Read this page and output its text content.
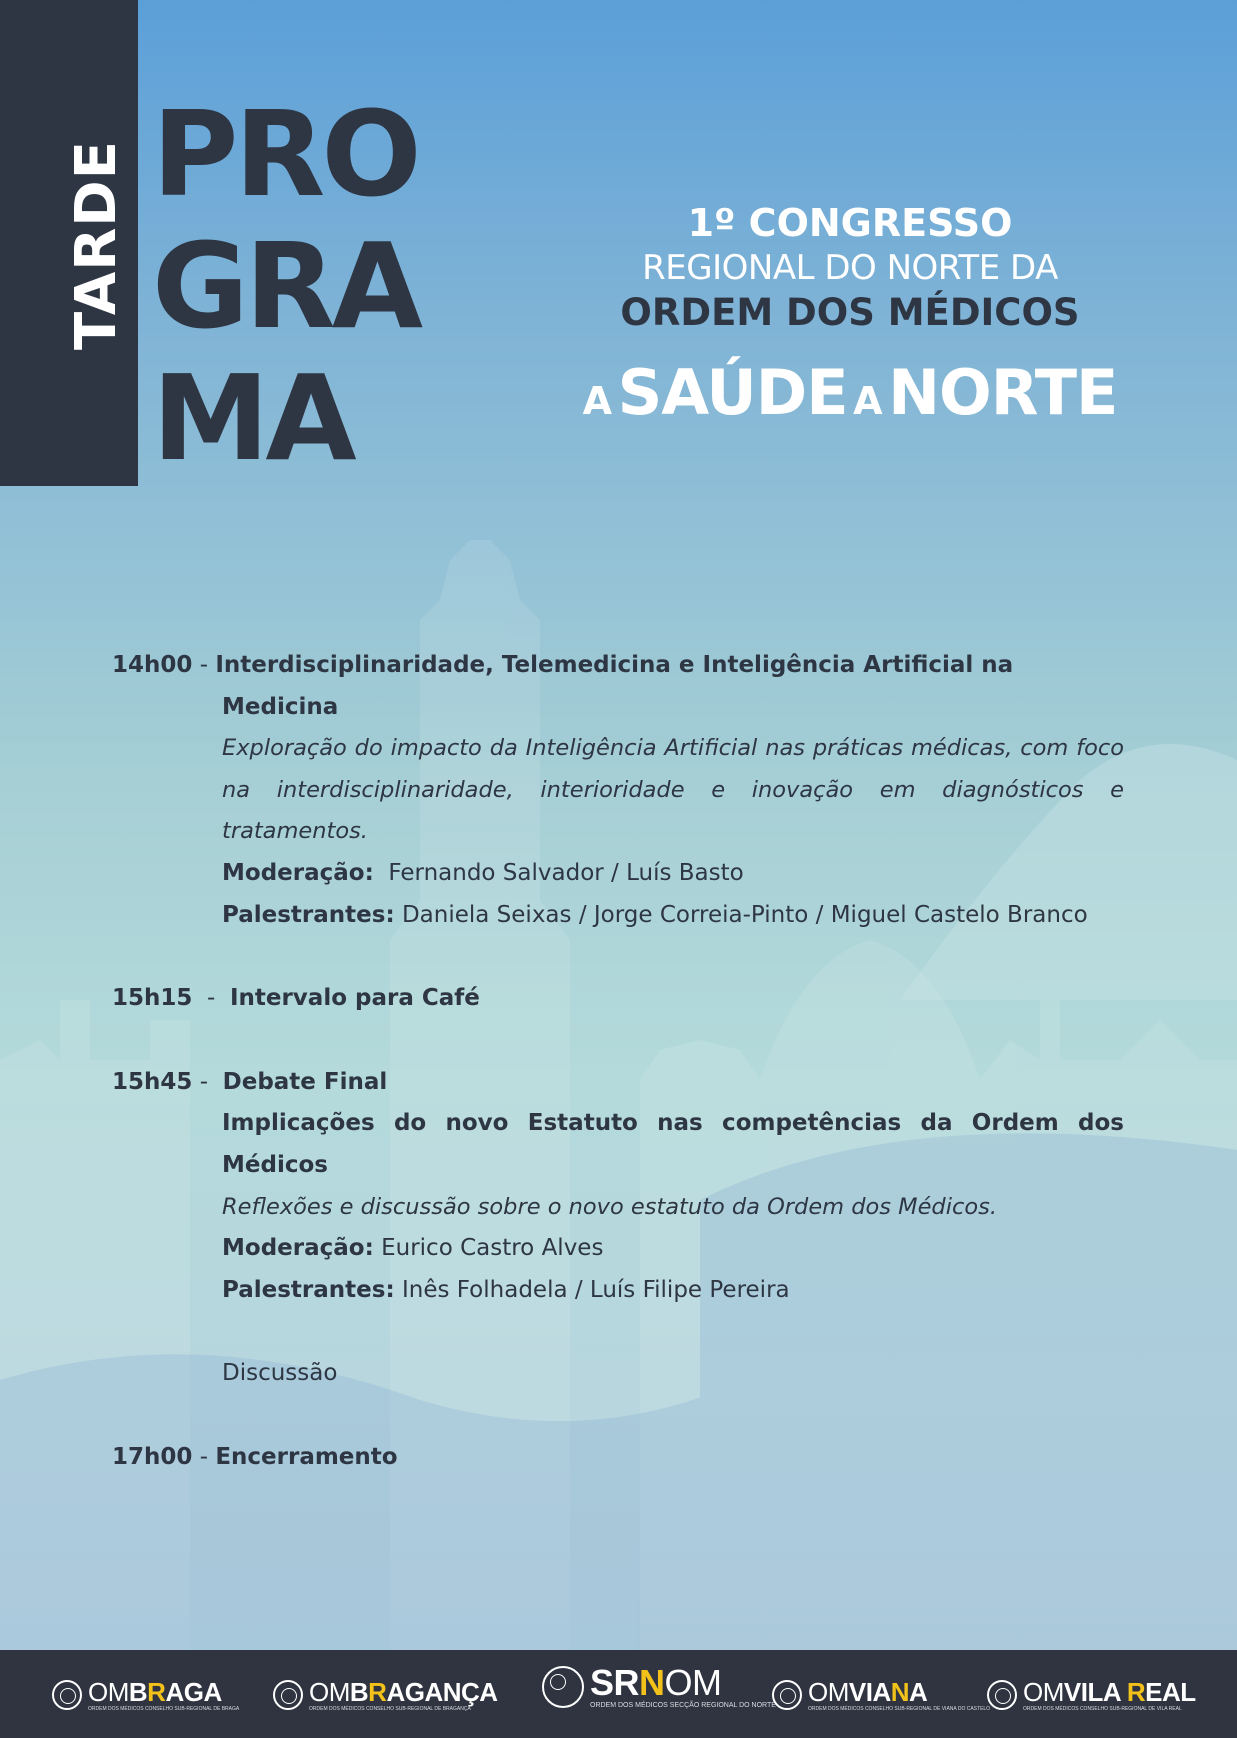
TARDE PRO
GRA
MA
1º CONGRESSO
REGIONAL DO NORTE DA
ORDEM DOS MÉDICOS
A SAÚDE A NORTE
14h00 - Interdisciplinaridade, Telemedicina e Inteligência Artificial na
Medicina
Exploração do impacto da Inteligência Artificial nas práticas médicas, com foco na interdisciplinaridade, interioridade e inovação em diagnósticos e tratamentos.
Moderação:  Fernando Salvador / Luís Basto
Palestrantes: Daniela Seixas / Jorge Correia-Pinto / Miguel Castelo Branco
15h15  -  Intervalo para Café
15h45 -  Debate Final
Implicações do novo Estatuto nas competências da Ordem dos Médicos
Reflexões e discussão sobre o novo estatuto da Ordem dos Médicos.
Moderação: Eurico Castro Alves
Palestrantes: Inês Folhadela / Luís Filipe Pereira
Discussão
17h00 - Encerramento
OMBRAGA
ORDEM DOS MÉDICOS CONSELHO SUB-REGIONAL DE BRAGA
OMBRAGANÇA
ORDEM DOS MÉDICOS CONSELHO SUB-REGIONAL DE BRAGANÇA
SRNOM
ORDEM DOS MÉDICOS SECÇÃO REGIONAL DO NORTE OMVIANA
ORDEM DOS MÉDICOS CONSELHO SUB-REGIONAL DE VIANA DO CASTELO
OMVILA REAL
ORDEM DOS MÉDICOS CONSELHO SUB-REGIONAL DE VILA REAL
